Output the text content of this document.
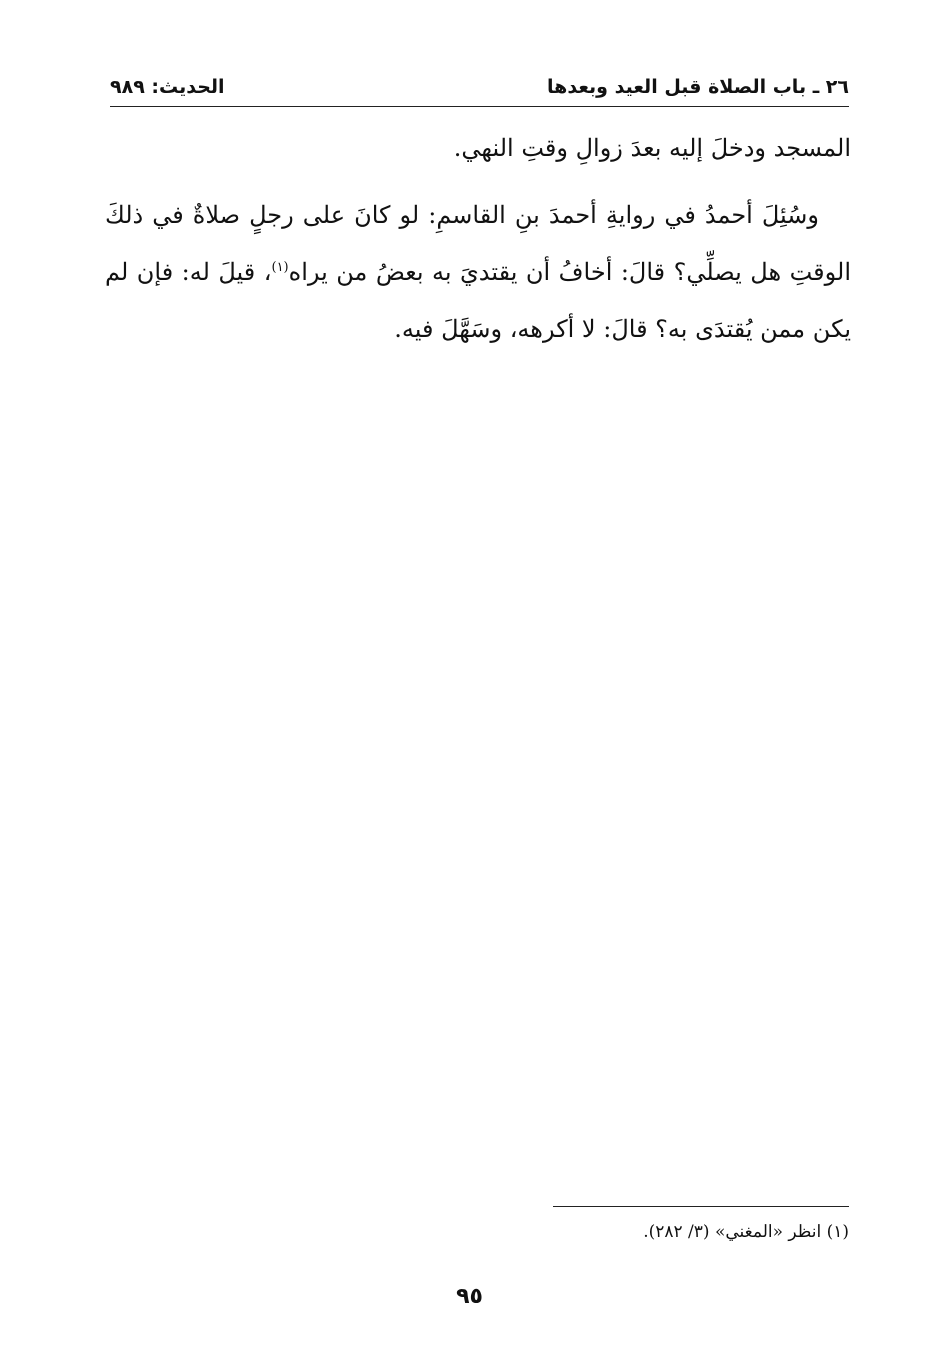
٢٦ ـ باب الصلاة قبل العيد وبعدها
الحديث: ٩٨٩

المسجد ودخلَ إليه بعدَ زوالِ وقتِ النهي.

وسُئِلَ أحمدُ في روايةِ أحمدَ بنِ القاسمِ: لو كانَ على رجلٍ صلاةٌ في ذلكَ الوقتِ هل يصلِّي؟ قالَ: أخافُ أن يقتديَ به بعضُ من يراه$^{(١)}$، قيلَ له: فإن لم يكن ممن يُقتدَى به؟ قالَ: لا أكرهه، وسَهَّلَ فيه.

(١) انظر «المغني» (٣/ ٢٨٢).
٩٥
